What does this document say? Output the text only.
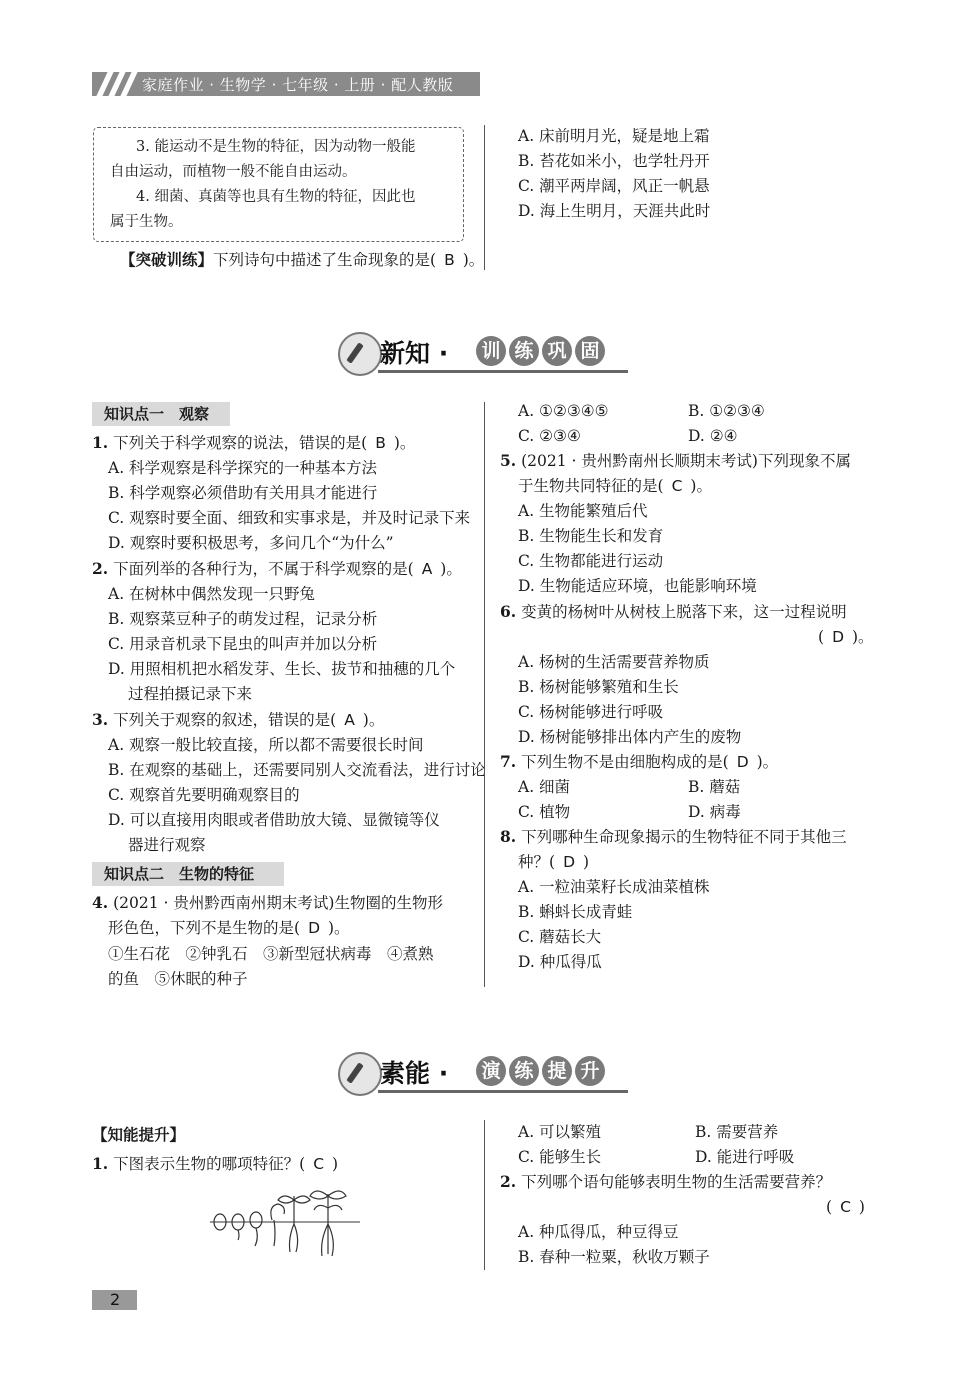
家庭作业 · 生物学 · 七年级 · 上册 · 配人教版
3. 能运动不是生物的特征，因为动物一般能
自由运动，而植物一般不能自由运动。
4. 细菌、真菌等也具有生物的特征，因此也
属于生物。
【突破训练】下列诗句中描述了生命现象的是( B )。
A. 床前明月光，疑是地上霜
B. 苔花如米小，也学牡丹开
C. 潮平两岸阔，风正一帆悬
D. 海上生明月，天涯共此时
新知 · 训 练 巩 固
知识点一　观察
1. 下列关于科学观察的说法，错误的是( B )。
A. 科学观察是科学探究的一种基本方法
B. 科学观察必须借助有关用具才能进行
C. 观察时要全面、细致和实事求是，并及时记录下来
D. 观察时要积极思考，多问几个“为什么”
2. 下面列举的各种行为，不属于科学观察的是( A )。
A. 在树林中偶然发现一只野兔
B. 观察菜豆种子的萌发过程，记录分析
C. 用录音机录下昆虫的叫声并加以分析
D. 用照相机把水稻发芽、生长、拔节和抽穗的几个
过程拍摄记录下来
3. 下列关于观察的叙述，错误的是( A )。
A. 观察一般比较直接，所以都不需要很长时间
B. 在观察的基础上，还需要同别人交流看法，进行讨论
C. 观察首先要明确观察目的
D. 可以直接用肉眼或者借助放大镜、显微镜等仪
器进行观察
知识点二　生物的特征
4. (2021 · 贵州黔西南州期末考试)生物圈的生物形
形色色，下列不是生物的是( D )。
①生石花　②钟乳石　③新型冠状病毒　④煮熟
的鱼　⑤休眠的种子
A. ①②③④⑤	B. ①②③④
C. ②③④	D. ②④
5. (2021 · 贵州黔南州长顺期末考试)下列现象不属
于生物共同特征的是( C )。
A. 生物能繁殖后代
B. 生物能生长和发育
C. 生物都能进行运动
D. 生物能适应环境，也能影响环境
6. 变黄的杨树叶从树枝上脱落下来，这一过程说明
( D )。
A. 杨树的生活需要营养物质
B. 杨树能够繁殖和生长
C. 杨树能够进行呼吸
D. 杨树能够排出体内产生的废物
7. 下列生物不是由细胞构成的是( D )。
A. 细菌	B. 蘑菇
C. 植物	D. 病毒
8. 下列哪种生命现象揭示的生物特征不同于其他三
种？( D )
A. 一粒油菜籽长成油菜植株
B. 蝌蚪长成青蛙
C. 蘑菇长大
D. 种瓜得瓜
素能 · 演 练 提 升
【知能提升】
1. 下图表示生物的哪项特征？( C )
A. 可以繁殖	B. 需要营养
C. 能够生长	D. 能进行呼吸
2. 下列哪个语句能够表明生物的生活需要营养？
( C )
A. 种瓜得瓜，种豆得豆
B. 春种一粒粟，秋收万颗子
2
